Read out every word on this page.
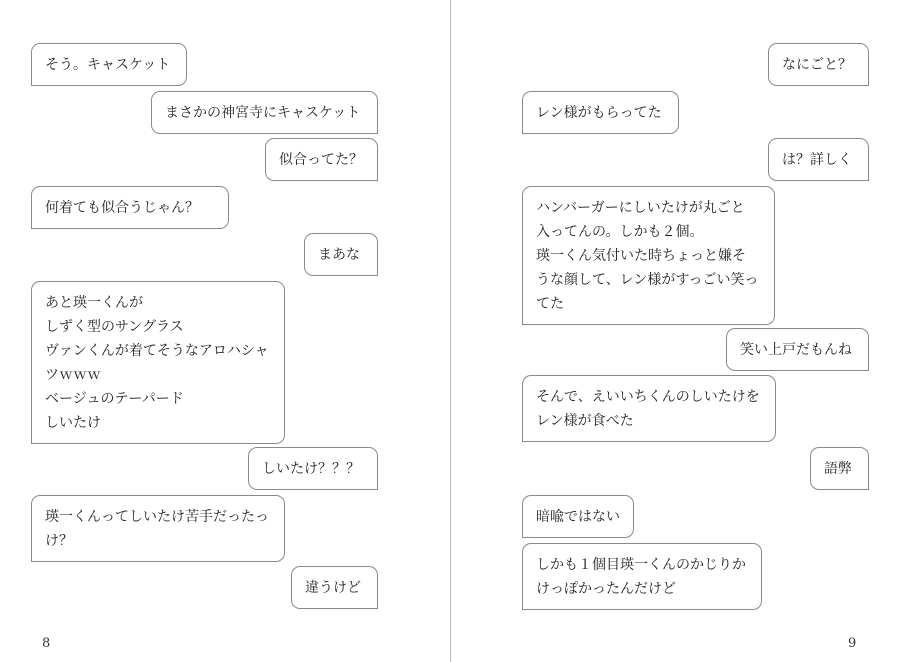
そう。キャスケット
まさかの神宮寺にキャスケット
似合ってた？
何着ても似合うじゃん？
まあな
あと瑛一くんが
しずく型のサングラス
ヴァンくんが着てそうなアロハシャ
ツｗｗｗ
ベージュのテーパード
しいたけ
しいたけ？？？
瑛一くんってしいたけ苦手だったっ
け？
違うけど
8
なにごと？
レン様がもらってた
は？詳しく
ハンバーガーにしいたけが丸ごと
入ってんの。しかも２個。
瑛一くん気付いた時ちょっと嫌そ
うな顔して、レン様がすっごい笑っ
てた
笑い上戸だもんね
そんで、えいいちくんのしいたけを
レン様が食べた
語弊
暗喩ではない
しかも１個目瑛一くんのかじりか
けっぽかったんだけど
9
